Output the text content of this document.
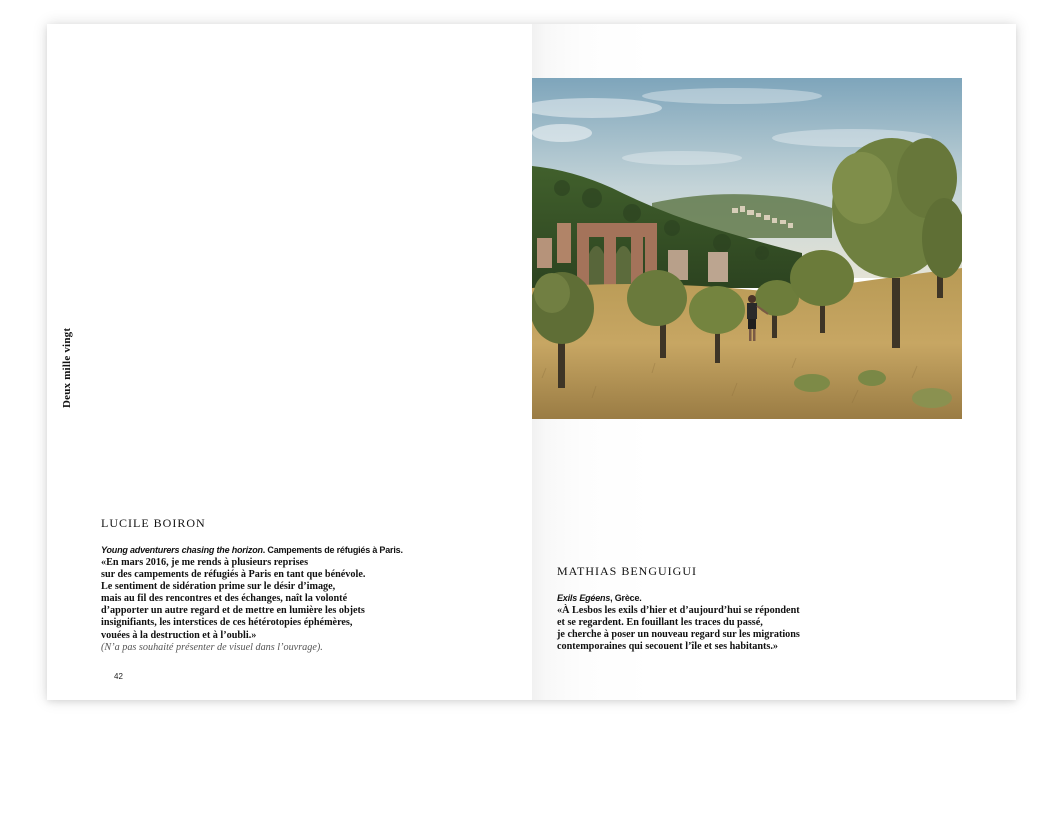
Deux mille vingt
LUCILE BOIRON

Young adventurers chasing the horizon. Campements de réfugiés à Paris.

«En mars 2016, je me rends à plusieurs reprises
sur des campements de réfugiés à Paris en tant que bénévole.
Le sentiment de sidération prime sur le désir d’image,
mais au fil des rencontres et des échanges, naît la volonté
d’apporter un autre regard et de mettre en lumière les objets
insignifiants, les interstices de ces hétérotopies éphémères,
vouées à la destruction et à l’oubli.»

(N’a pas souhaité présenter de visuel dans l’ouvrage).

42
MATHIAS BENGUIGUI

Exils Egéens, Grèce.

«À Lesbos les exils d’hier et d’aujourd’hui se répondent
et se regardent. En fouillant les traces du passé,
je cherche à poser un nouveau regard sur les migrations
contemporaines qui secouent l’île et ses habitants.»
